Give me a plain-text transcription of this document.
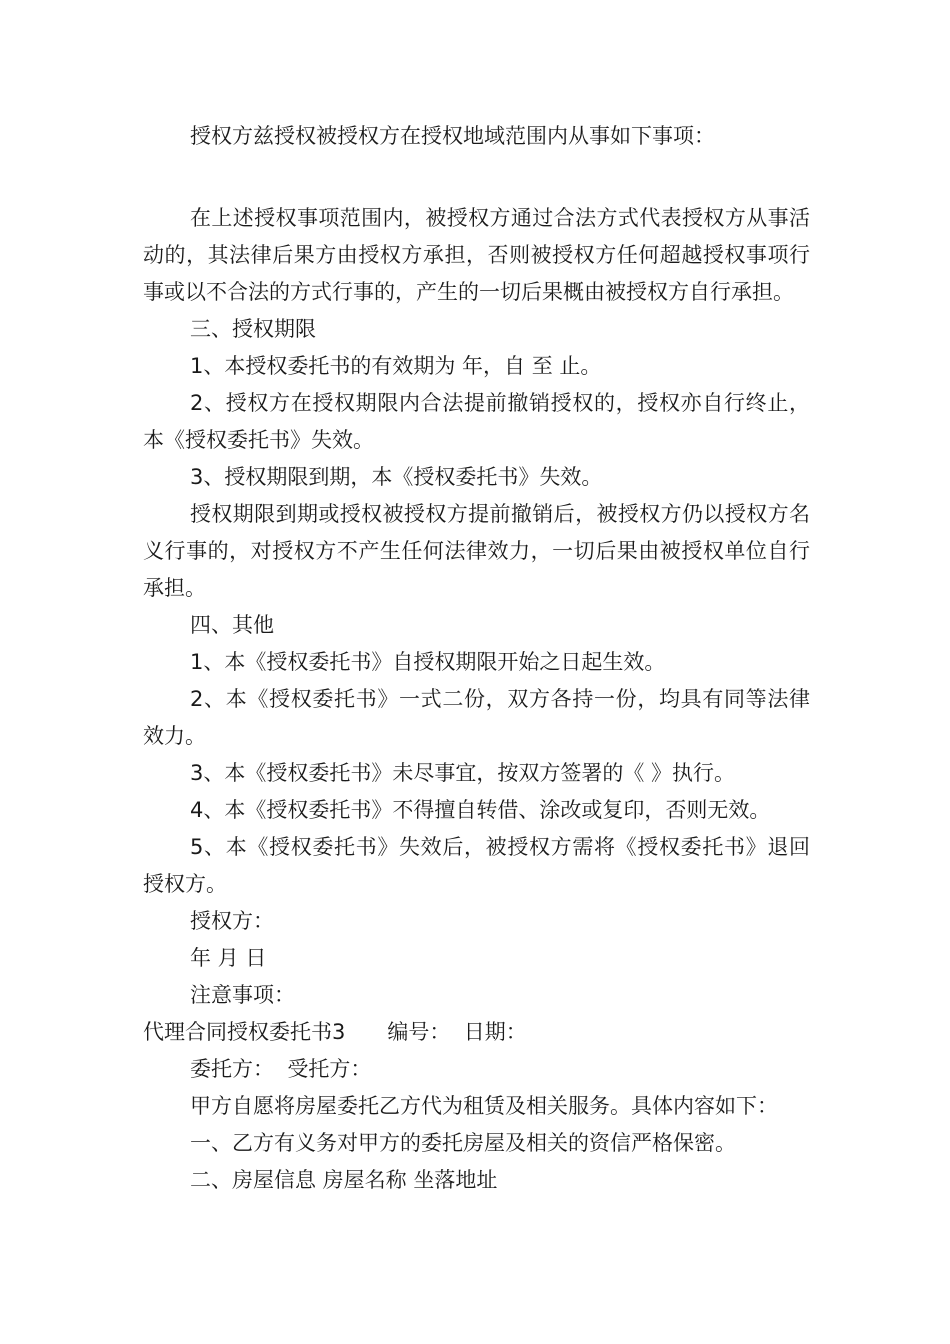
授权方兹授权被授权方在授权地域范围内从事如下事项：

在上述授权事项范围内，被授权方通过合法方式代表授权方从事活动的，其法律后果方由授权方承担，否则被授权方任何超越授权事项行事或以不合法的方式行事的，产生的一切后果概由被授权方自行承担。

三、授权期限

1、本授权委托书的有效期为 年，自 至 止。

2、授权方在授权期限内合法提前撤销授权的，授权亦自行终止，本《授权委托书》失效。

3、授权期限到期，本《授权委托书》失效。

授权期限到期或授权被授权方提前撤销后，被授权方仍以授权方名义行事的，对授权方不产生任何法律效力，一切后果由被授权单位自行承担。

四、其他

1、本《授权委托书》自授权期限开始之日起生效。

2、本《授权委托书》一式二份，双方各持一份，均具有同等法律效力。

3、本《授权委托书》未尽事宜，按双方签署的《 》执行。

4、本《授权委托书》不得擅自转借、涂改或复印，否则无效。

5、本《授权委托书》失效后，被授权方需将《授权委托书》退回授权方。

授权方：

年 月 日

注意事项：

代理合同授权委托书3　　编号：  日期：

委托方：  受托方：

甲方自愿将房屋委托乙方代为租赁及相关服务。具体内容如下：

一、乙方有义务对甲方的委托房屋及相关的资信严格保密。

二、房屋信息 房屋名称 坐落地址
